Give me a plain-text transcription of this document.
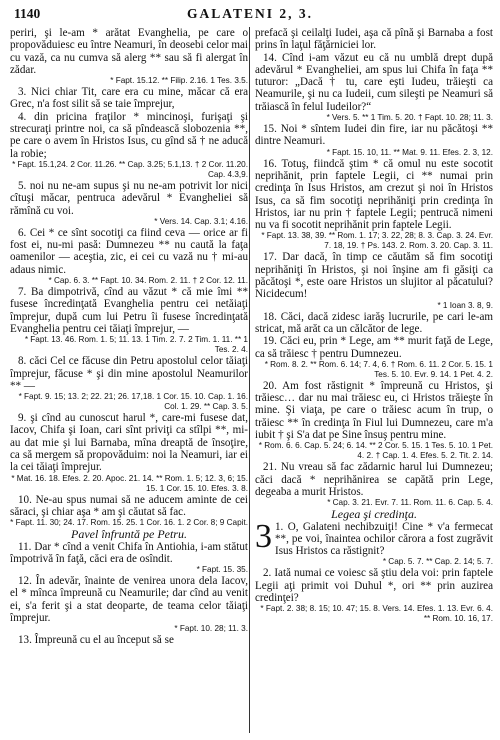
1140	GALATENI 2, 3.

periri, şi le-am * arătat Evanghelia, pe care o propovăduiesc eu între Neamuri, în deosebi celor mai cu vază, ca nu cumva să alerg ** sau să fi alergat în zădar.

* Fapt. 15.12. ** Filip. 2.16. 1 Tes. 3.5.

3. Nici chiar Tit, care era cu mine, măcar că era Grec, n'a fost silit să se taie împrejur,

4. din pricina fraţilor * mincinoşi, furişaţi şi strecuraţi printre noi, ca să pîndească slobozenia **, pe care o avem în Hristos Isus, cu gînd să † ne aducă la robie;

* Fapt. 15.1,24. 2 Cor. 11.26. ** Cap. 3.25; 5.1,13. † 2 Cor. 11.20. Cap. 4.3,9.

5. noi nu ne-am supus şi nu ne-am potrivit lor nici cîtuşi măcar, pentruca adevărul * Evangheliei să rămînă cu voi.

* Vers. 14. Cap. 3.1; 4.16.

6. Cei * ce sînt socotiţi ca fiind ceva — orice ar fi fost ei, nu-mi pasă: Dumnezeu ** nu caută la faţa oamenilor — aceştia, zic, ei cei cu vază nu † mi-au adaus nimic.

* Cap. 6. 3. ** Fapt. 10. 34. Rom. 2. 11. † 2 Cor. 12. 11.

7. Ba dimpotrivă, cînd au văzut * că mie îmi ** fusese încredinţată Evanghelia pentru cei netăiaţi împrejur, după cum lui Petru îi fusese încredinţată Evanghelia pentru cei tăiaţi împrejur, —

* Fapt. 13. 46. Rom. 1. 5; 11. 13. 1 Tim. 2. 7. 2 Tim. 1. 11. ** 1 Tes. 2. 4.

8. căci Cel ce făcuse din Petru apostolul celor tăiaţi împrejur, făcuse * şi din mine apostolul Neamurilor ** —

* Fapt. 9. 15; 13. 2; 22. 21; 26. 17,18. 1 Cor. 15. 10. Cap. 1. 16. Col. 1. 29. ** Cap. 3. 5.

9. şi cînd au cunoscut harul *, care-mi fusese dat, Iacov, Chifa şi Ioan, cari sînt priviţi ca stîlpi **, mi-au dat mie şi lui Barnaba, mîna dreaptă de însoţire, ca să mergem să propovăduim: noi la Neamuri, iar ei la cei tăiaţi împrejur.

* Mat. 16. 18. Efes. 2. 20. Apoc. 21. 14. ** Rom. 1. 5; 12. 3, 6; 15. 15. 1 Cor. 15. 10. Efes. 3. 8.

10. Ne-au spus numai să ne aducem aminte de cei săraci, şi chiar aşa * am şi căutat să fac.

* Fapt. 11. 30; 24. 17. Rom. 15. 25. 1 Cor. 16. 1. 2 Cor. 8; 9 Capit.

Pavel înfruntă pe Petru.

11. Dar * cînd a venit Chifa în Antiohia, i-am stătut împotrivă în faţă, căci era de osîndit.

* Fapt. 15. 35.

12. În adevăr, înainte de venirea unora dela Iacov, el * mînca împreună cu Neamurile; dar cînd au venit ei, s'a ferit şi a stat deoparte, de teama celor tăiaţi împrejur.

* Fapt. 10. 28; 11. 3.

13. Împreună cu el au început să se

prefacă şi ceilalţi Iudei, aşa că pînă şi Barnaba a fost prins în laţul făţărniciei lor.

14. Cînd i-am văzut eu că nu umblă drept după adevărul * Evangheliei, am spus lui Chifa în faţa ** tuturor: „Dacă † tu, care eşti Iudeu, trăieşti ca Neamurile, şi nu ca Iudeii, cum sileşti pe Neamuri să trăiască în felul Iudeilor?“

* Vers. 5. ** 1 Tim. 5. 20. † Fapt. 10. 28; 11. 3.

15. Noi * sîntem Iudei din fire, iar nu păcătoşi ** dintre Neamuri.

* Fapt. 15. 10, 11. ** Mat. 9. 11. Efes. 2. 3, 12.

16. Totuş, fiindcă ştim * că omul nu este socotit neprihănit, prin faptele Legii, ci ** numai prin credinţa în Isus Hristos, am crezut şi noi în Hristos Isus, ca să fim socotiţi neprihăniţi prin credinţa în Hristos, iar nu prin † faptele Legii; pentrucă nimeni nu va fi socotit neprihănit prin faptele Legii.

* Fapt. 13. 38, 39. ** Rom. 1. 17; 3. 22, 28; 8. 3. Cap. 3. 24. Evr. 7. 18, 19. † Ps. 143. 2. Rom. 3. 20. Cap. 3. 11.

17. Dar dacă, în timp ce căutăm să fim socotiţi neprihăniţi în Hristos, şi noi înşine am fi găsiţi ca păcătoşi *, este oare Hristos un slujitor al păcatului? Nicidecum!

* 1 Ioan 3. 8, 9.

18. Căci, dacă zidesc iarăş lucrurile, pe cari le-am stricat, mă arăt ca un călcător de lege.

19. Căci eu, prin * Lege, am ** murit faţă de Lege, ca să trăiesc † pentru Dumnezeu.

* Rom. 8. 2. ** Rom. 6. 14; 7. 4, 6. † Rom. 6. 11. 2 Cor. 5. 15. 1 Tes. 5. 10. Evr. 9. 14. 1 Pet. 4. 2.

20. Am fost răstignit * împreună cu Hristos, şi trăiesc… dar nu mai trăiesc eu, ci Hristos trăieşte în mine. Şi viaţa, pe care o trăiesc acum în trup, o trăiesc ** în credinţa în Fiul lui Dumnezeu, care m'a iubit † şi S'a dat pe Sine însuş pentru mine.

* Rom. 6. 6. Cap. 5. 24; 6. 14. ** 2 Cor. 5. 15. 1 Tes. 5. 10. 1 Pet. 4. 2. † Cap. 1. 4. Efes. 5. 2. Tit. 2. 14.

21. Nu vreau să fac zădarnic harul lui Dumnezeu; căci dacă * neprihănirea se capătă prin Lege, degeaba a murit Hristos.

* Cap. 3. 21. Evr. 7. 11. Rom. 11. 6. Cap. 5. 4.

Legea şi credinţa.

3 1. O, Galateni nechibzuiţi! Cine * v'a fermecat **, pe voi, înaintea ochilor cărora a fost zugrăvit Isus Hristos ca răstignit?

* Cap. 5. 7. ** Cap. 2. 14; 5. 7.

2. Iată numai ce voiesc să ştiu dela voi: prin faptele Legii aţi primit voi Duhul *, ori ** prin auzirea credinţei?

* Fapt. 2. 38; 8. 15; 10. 47; 15. 8. Vers. 14. Efes. 1. 13. Evr. 6. 4. ** Rom. 10. 16, 17.
